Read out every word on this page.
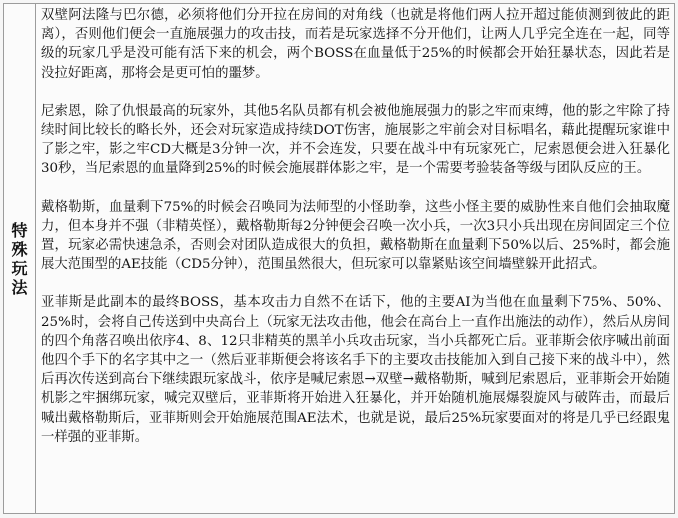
特殊玩法

双壁阿法隆与巴尔德，必须将他们分开拉在房间的对角线（也就是将他们两人拉开超过能侦测到彼此的距离），否则他们便会一直施展强力的攻击技，而若是玩家选择不分开他们，让两人几乎完全连在一起，同等级的玩家几乎是没可能有活下来的机会，两个BOSS在血量低于25%的时候都会开始狂暴状态，因此若是没拉好距离，那将会是更可怕的噩梦。

尼索恩，除了仇恨最高的玩家外，其他5名队员都有机会被他施展强力的影之牢而束缚，他的影之牢除了持续时间比较长的略长外，还会对玩家造成持续DOT伤害，施展影之牢前会对目标唱名，藉此提醒玩家谁中了影之牢，影之牢CD大概是3分钟一次，并不会连发，只要在战斗中有玩家死亡，尼索恩便会进入狂暴化30秒，当尼索恩的血量降到25%的时候会施展群体影之牢，是一个需要考验装备等级与团队反应的王。

戴格勒斯，血量剩下75%的时候会召唤同为法师型的小怪助拳，这些小怪主要的威胁性来自他们会抽取魔力，但本身并不强（非精英怪），戴格勒斯每2分钟便会召唤一次小兵，一次3只小兵出现在房间固定三个位置，玩家必需快速急杀，否则会对团队造成很大的负担，戴格勒斯在血量剩下50%以后、25%时，都会施展大范围型的AE技能（CD5分钟），范围虽然很大，但玩家可以靠紧贴该空间墙壁躲开此招式。

亚菲斯是此副本的最终BOSS，基本攻击力自然不在话下，他的主要AI为当他在血量剩下75%、50%、25%时，会将自己传送到中央高台上（玩家无法攻击他，他会在高台上一直作出施法的动作），然后从房间的四个角落召唤出依序4、8、12只非精英的黑羊小兵攻击玩家，当小兵都死亡后。亚菲斯会依序喊出前面他四个手下的名字其中之一（然后亚菲斯便会将该名手下的主要攻击技能加入到自己接下来的战斗中），然后再次传送到高台下继续跟玩家战斗，依序是喊尼索恩→双壁→戴格勒斯，喊到尼索恩后，亚菲斯会开始随机影之牢捆绑玩家，喊完双壁后，亚菲斯将开始进入狂暴化，并开始随机施展爆裂旋风与破阵击，而最后喊出戴格勒斯后，亚菲斯则会开始施展范围AE法术，也就是说，最后25%玩家要面对的将是几乎已经跟鬼一样强的亚菲斯。
